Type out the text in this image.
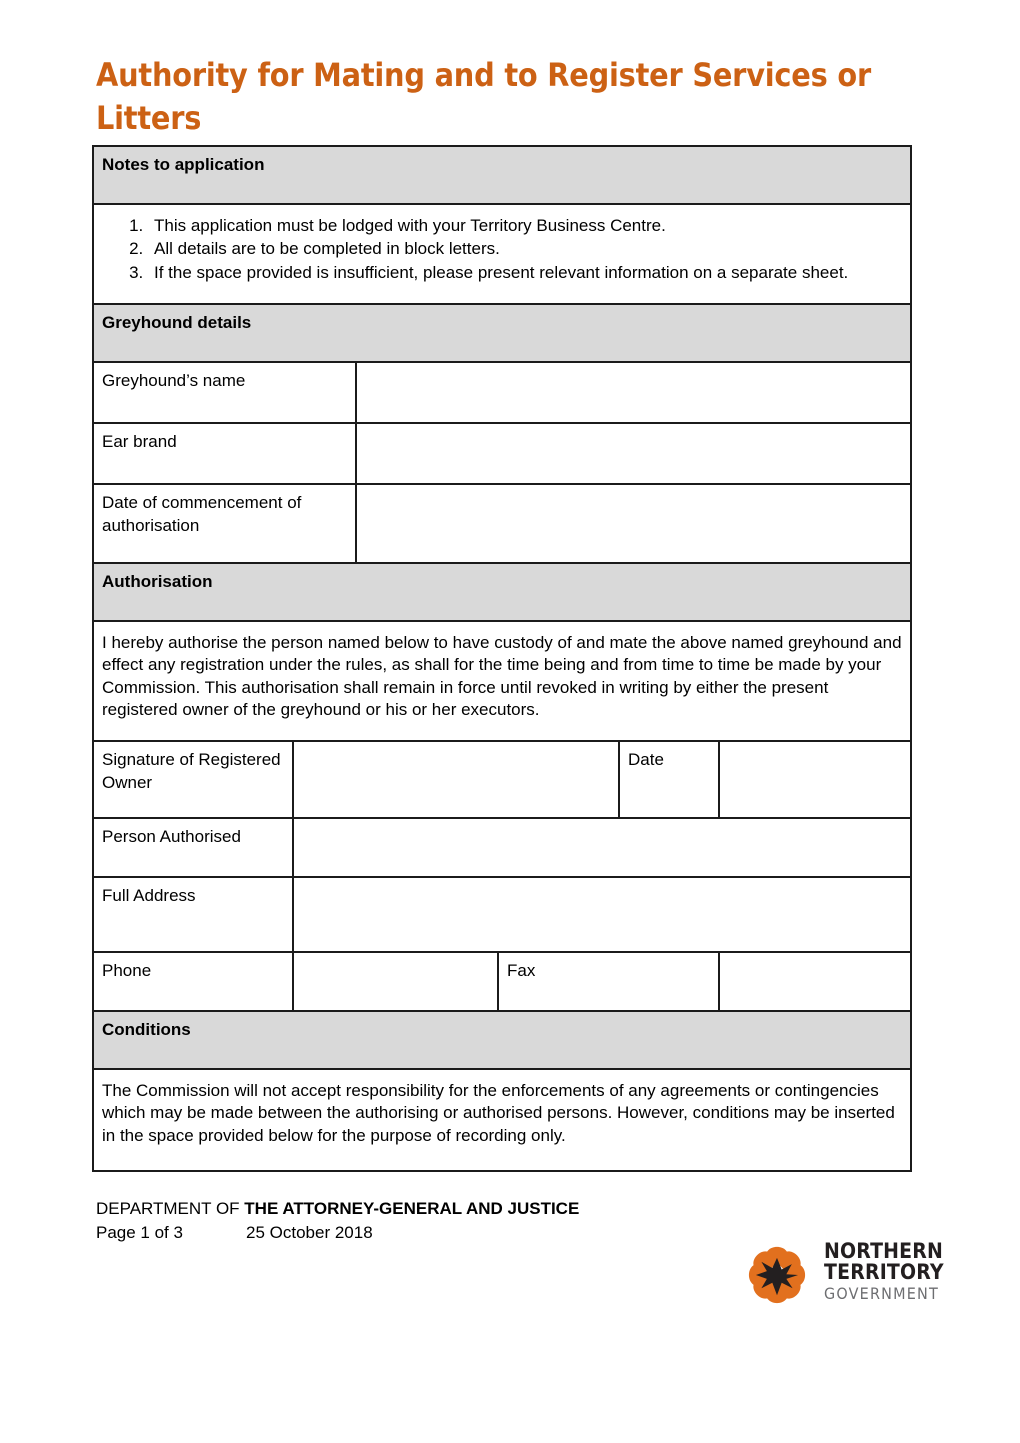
Authority for Mating and to Register Services or Litters
Notes to application					

1. This application must be lodged with your Territory Business Centre.
2. All details are to be completed in block letters.
3. If the space provided is insufficient, please present relevant information on a separate sheet.

Greyhound details					
Greyhound’s name					
Ear brand					
Date of commencement of authorisation					
Authorisation					

I hereby authorise the person named below to have custody of and mate the above named greyhound and effect any registration under the rules, as shall for the time being and from time to time be made by your Commission. This authorisation shall remain in force until revoked in writing by either the present registered owner of the greyhound or his or her executors.					

Signature of Registered Owner				Date	
Person Authorised					
Full Address					
Phone			Fax		
Conditions					

The Commission will not accept responsibility for the enforcements of any agreements or contingencies which may be made between the authorising or authorised persons. However, conditions may be inserted in the space provided below for the purpose of recording only.					

DEPARTMENT OF THE ATTORNEY-GENERAL AND JUSTICE
Page 1 of 3	25 October 2018
NORTHERN
TERRITORY
GOVERNMENT
